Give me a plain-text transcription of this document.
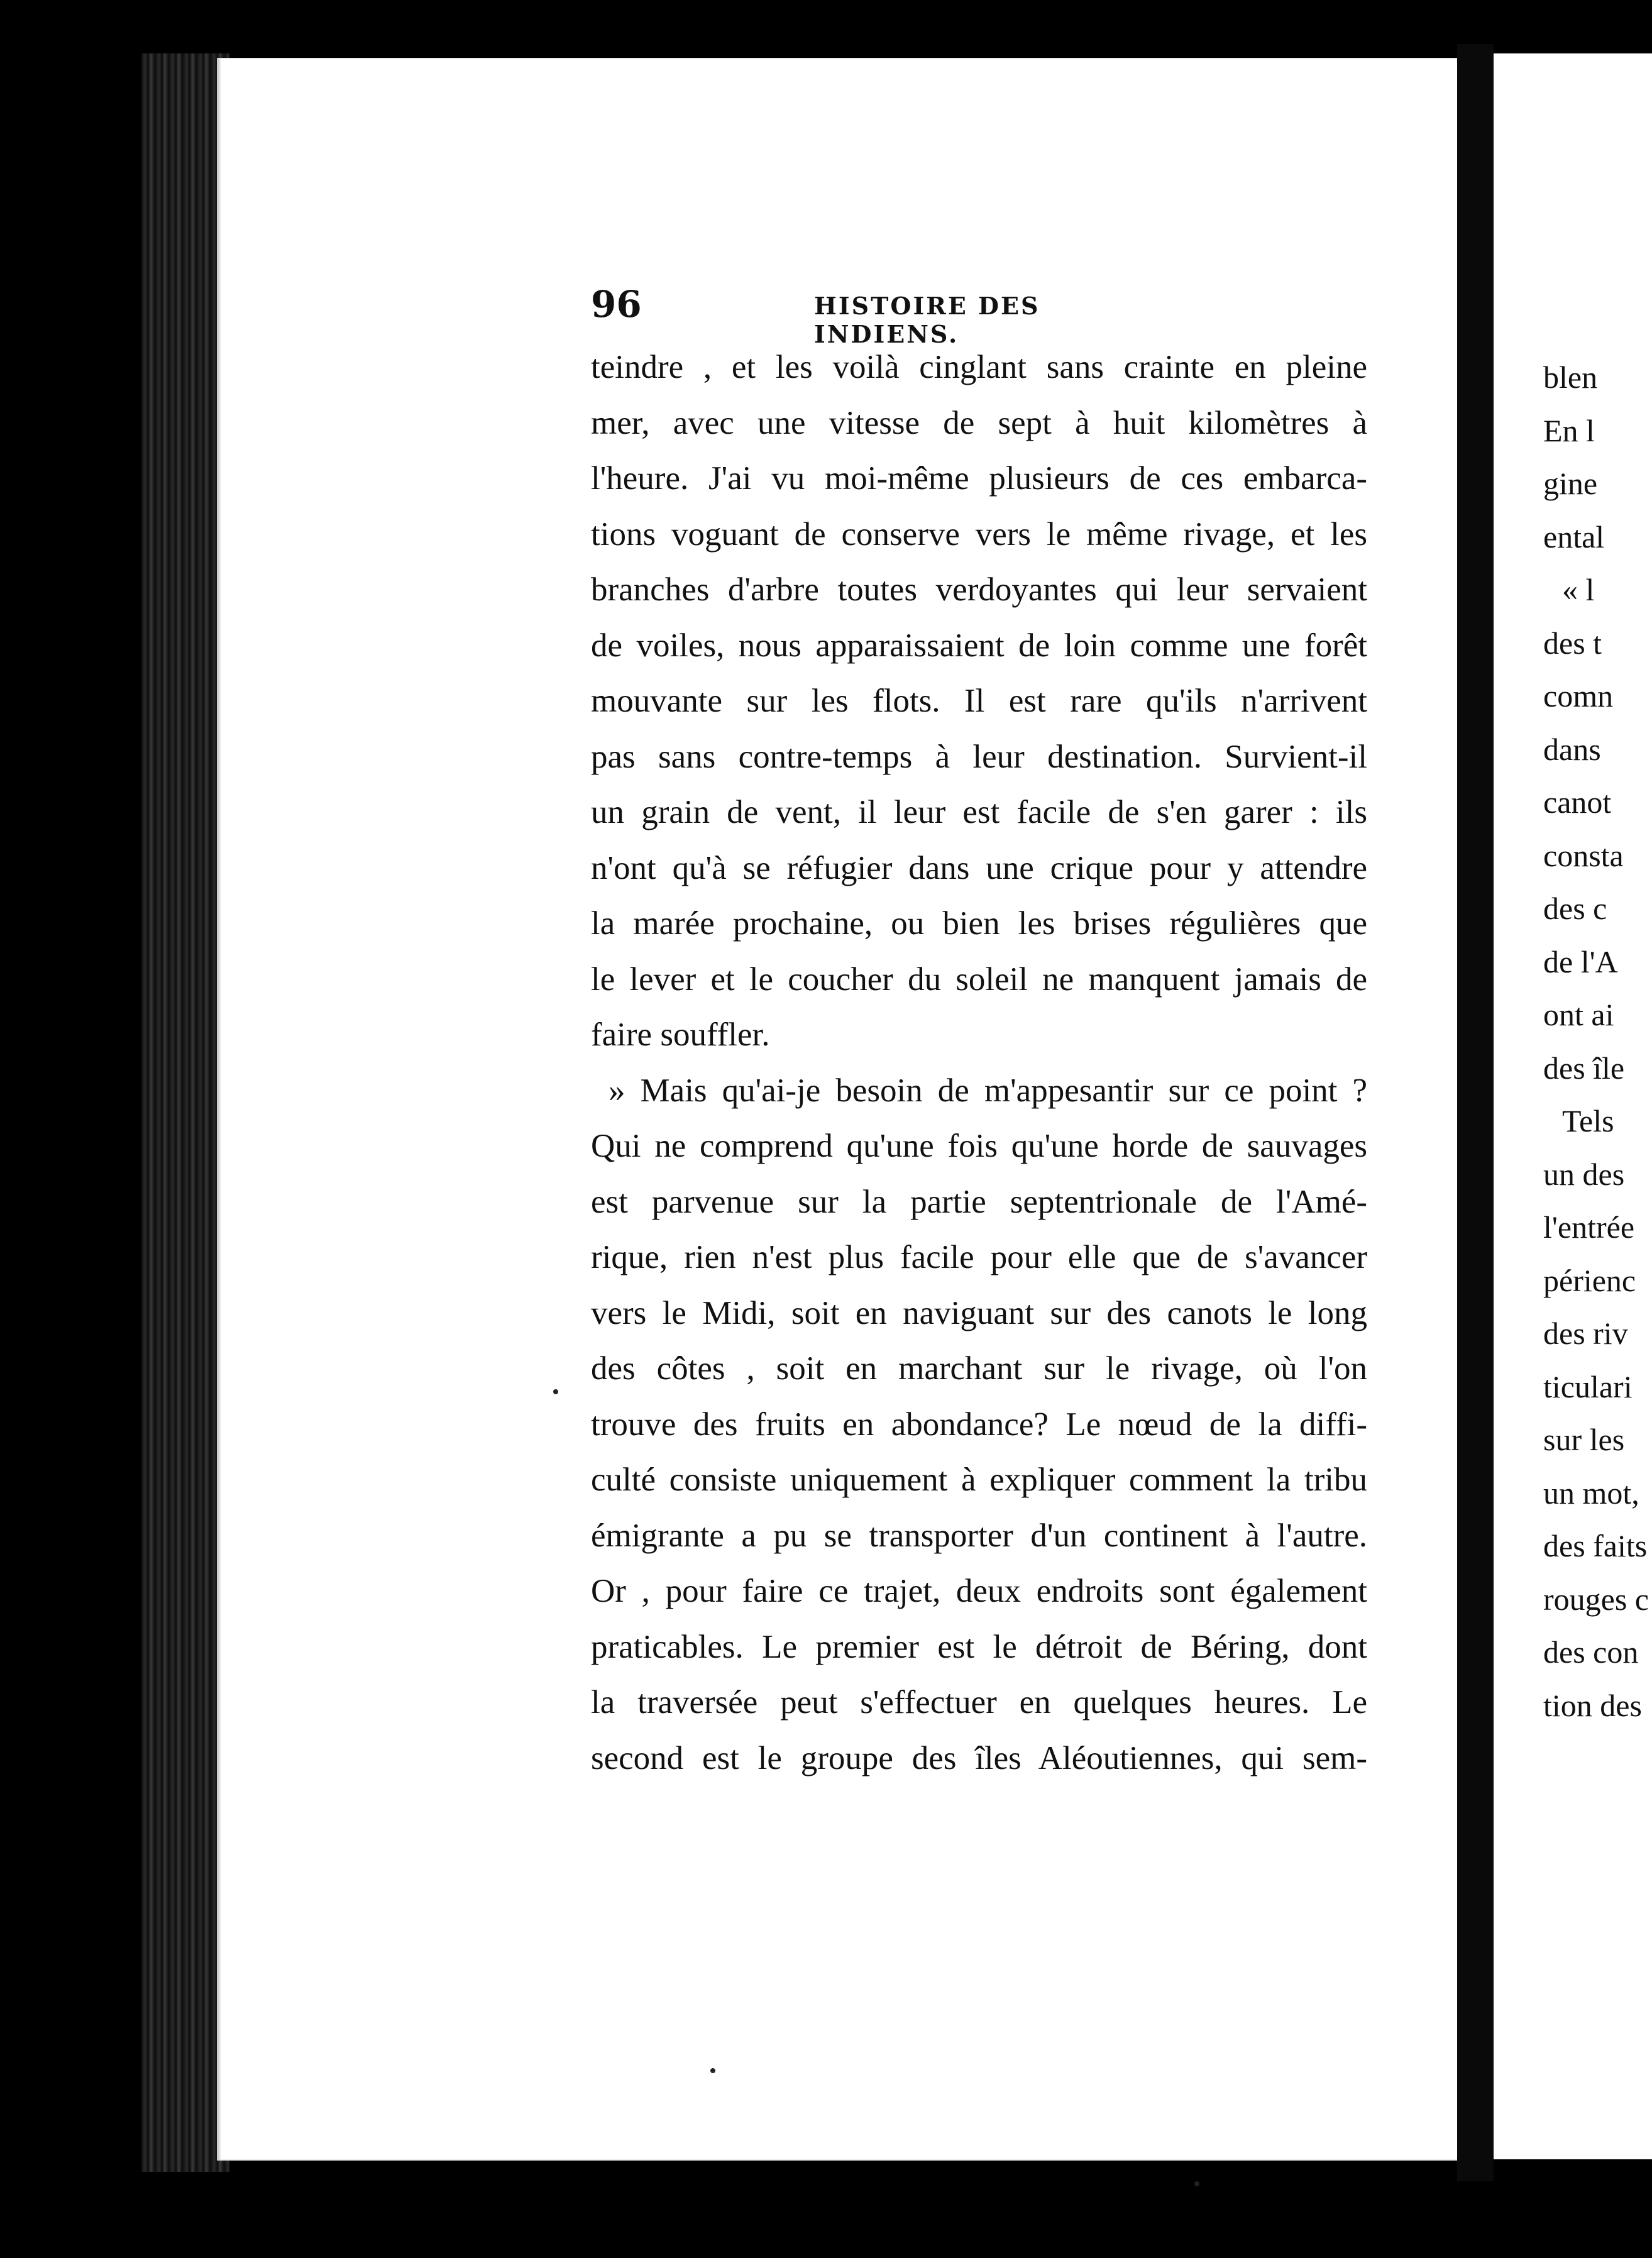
96	HISTOIRE DES INDIENS.
teindre , et les voilà cinglant sans crainte en pleine
mer, avec une vitesse de sept à huit kilomètres à
l'heure. J'ai vu moi-même plusieurs de ces embarca-
tions voguant de conserve vers le même rivage, et les
branches d'arbre toutes verdoyantes qui leur servaient
de voiles, nous apparaissaient de loin comme une forêt
mouvante sur les flots. Il est rare qu'ils n'arrivent
pas sans contre-temps à leur destination. Survient-il
un grain de vent, il leur est facile de s'en garer : ils
n'ont qu'à se réfugier dans une crique pour y attendre
la marée prochaine, ou bien les brises régulières que
le lever et le coucher du soleil ne manquent jamais de
faire souffler.
» Mais qu'ai-je besoin de m'appesantir sur ce point ?
Qui ne comprend qu'une fois qu'une horde de sauvages
est parvenue sur la partie septentrionale de l'Amé-
rique, rien n'est plus facile pour elle que de s'avancer
vers le Midi, soit en naviguant sur des canots le long
des côtes , soit en marchant sur le rivage, où l'on
trouve des fruits en abondance? Le nœud de la diffi-
culté consiste uniquement à expliquer comment la tribu
émigrante a pu se transporter d'un continent à l'autre.
Or , pour faire ce trajet, deux endroits sont également
praticables. Le premier est le détroit de Béring, dont
la traversée peut s'effectuer en quelques heures. Le
second est le groupe des îles Aléoutiennes, qui sem-
blen
En l
gine
ental
« l
des t
comn
dans
canot
consta
des c
de l'A
ont ai
des île
Tels
un des
l'entrée
périenc
des riv
ticulari
sur les
un mot,
des faits
rouges c
des con
tion des
